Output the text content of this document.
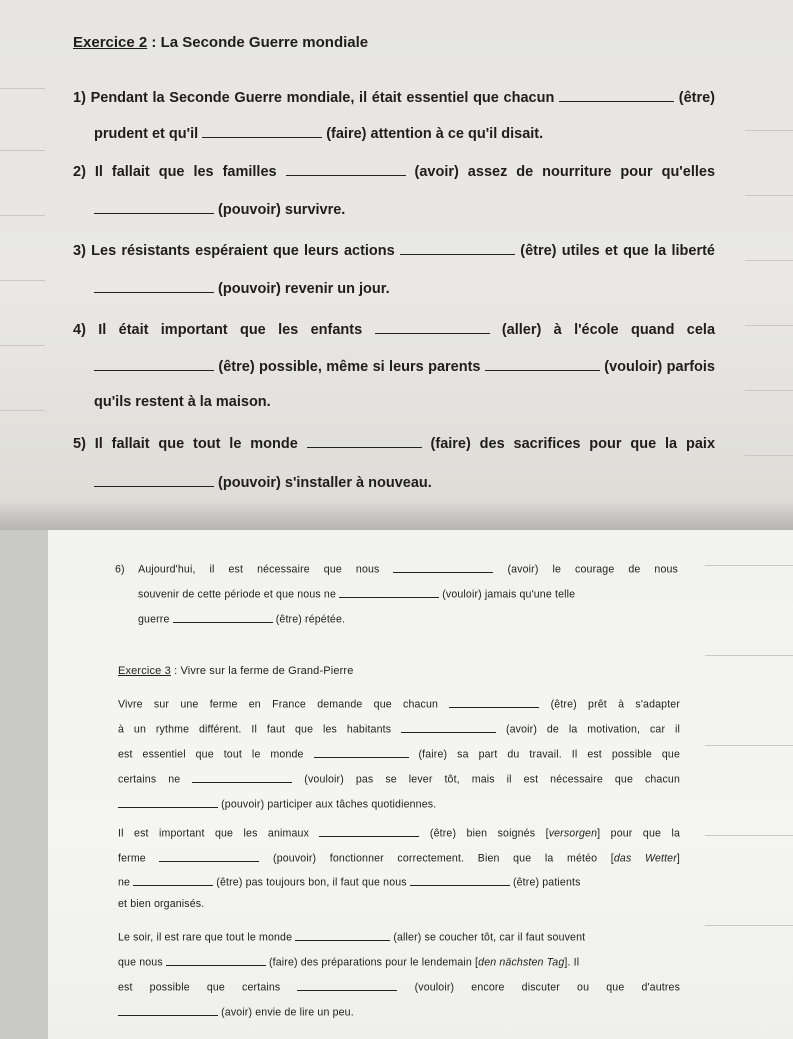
Exercice 2 : La Seconde Guerre mondiale
1) Pendant la Seconde Guerre mondiale, il était essentiel que chacun	(être)
prudent et qu'il	(faire) attention à ce qu'il disait.
2) Il fallait que les familles	(avoir) assez de nourriture pour qu'elles
(pouvoir) survivre.
3) Les résistants espéraient que leurs actions	(être) utiles et que la liberté
(pouvoir) revenir un jour.
4) Il était important que les enfants	(aller) à l'école quand cela
(être) possible, même si leurs parents	(vouloir) parfois
qu'ils restent à la maison.
5) Il fallait que tout le monde	(faire) des sacrifices pour que la paix
(pouvoir) s'installer à nouveau.
6) Aujourd'hui, il est nécessaire que nous	(avoir) le courage de nous
souvenir de cette période et que nous ne	(vouloir) jamais qu'une telle
guerre	(être) répétée.
Exercice 3 : Vivre sur la ferme de Grand-Pierre
Vivre sur une ferme en France demande que chacun	(être) prêt à s'adapter
à un rythme différent. Il faut que les habitants	(avoir) de la motivation, car il
est essentiel que tout le monde	(faire) sa part du travail. Il est possible que
certains ne	(vouloir) pas se lever tôt, mais il est nécessaire que chacun
(pouvoir) participer aux tâches quotidiennes.
Il est important que les animaux	(être) bien soignés [versorgen] pour que la
ferme	(pouvoir) fonctionner correctement. Bien que la météo [das Wetter]
ne	(être) pas toujours bon, il faut que nous	(être) patients
et bien organisés.
Le soir, il est rare que tout le monde	(aller) se coucher tôt, car il faut souvent
que nous	(faire) des préparations pour le lendemain [den nächsten Tag]. Il
est possible que certains	(vouloir) encore discuter ou que d'autres
(avoir) envie de lire un peu.
